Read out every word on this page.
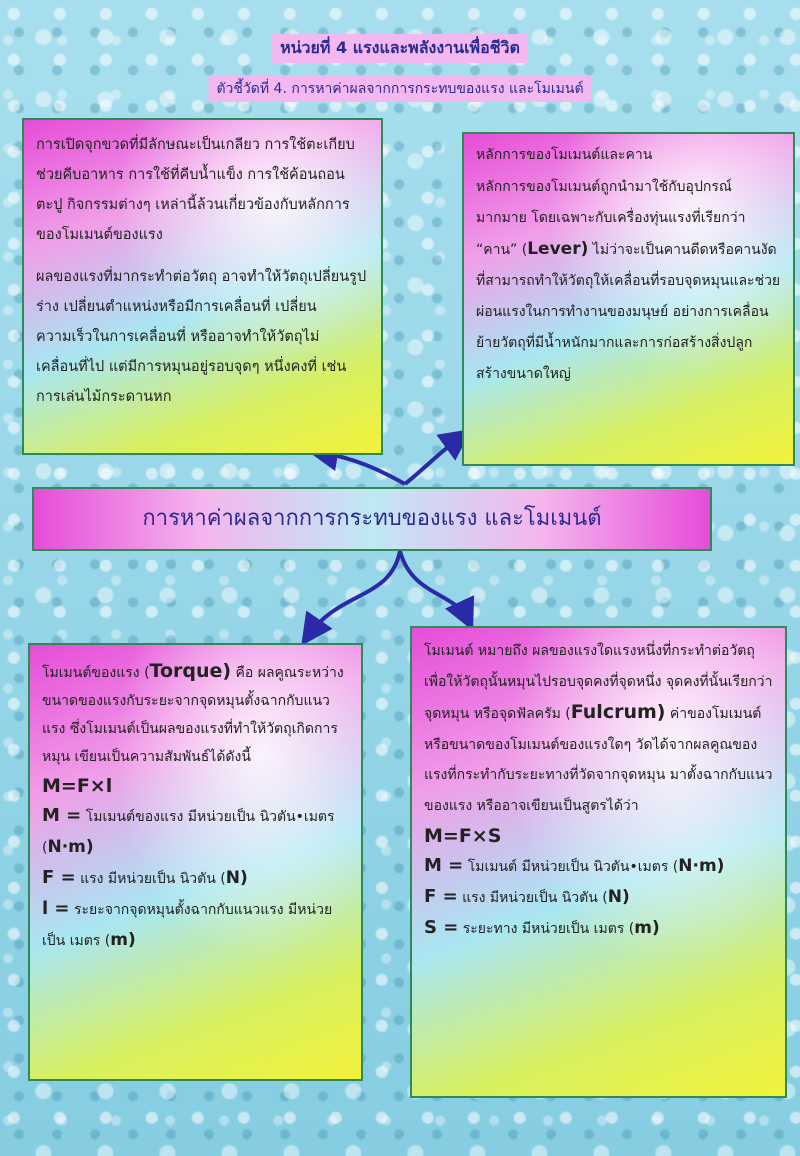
หน่วยที่ 4 แรงและพลังงานเพื่อชีวิต
ตัวชี้วัดที่ 4. การหาค่าผลจากการกระทบของแรง และโมเมนต์

การเปิดจุกขวดที่มีลักษณะเป็นเกลียว การใช้ตะเกียบช่วยคีบอาหาร การใช้ที่คีบน้ำแข็ง การใช้ค้อนถอนตะปู กิจกรรมต่างๆ เหล่านี้ล้วนเกี่ยวข้องกับหลักการของโมเมนต์ของแรง

ผลของแรงที่มากระทำต่อวัตถุ อาจทำให้วัตถุเปลี่ยนรูปร่าง เปลี่ยนตำแหน่งหรือมีการเคลื่อนที่ เปลี่ยนความเร็วในการเคลื่อนที่ หรืออาจทำให้วัตถุไม่เคลื่อนที่ไป แต่มีการหมุนอยู่รอบจุดๆ หนึ่งคงที่ เช่น การเล่นไม้กระดานหก

หลักการของโมเมนต์และคาน

หลักการของโมเมนต์ถูกนำมาใช้กับอุปกรณ์มากมาย โดยเฉพาะกับเครื่องทุ่นแรงที่เรียกว่า “คาน” (Lever) ไม่ว่าจะเป็นคานดีดหรือคานงัดที่สามารถทำให้วัตถุให้เคลื่อนที่รอบจุดหมุนและช่วยผ่อนแรงในการทำงานของมนุษย์ อย่างการเคลื่อนย้ายวัตถุที่มีน้ำหนักมากและการก่อสร้างสิ่งปลูกสร้างขนาดใหญ่

การหาค่าผลจากการกระทบของแรง และโมเมนต์

โมเมนต์ของแรง (Torque) คือ ผลคูณระหว่างขนาดของแรงกับระยะจากจุดหมุนตั้งฉากกับแนวแรง ซึ่งโมเมนต์เป็นผลของแรงที่ทำให้วัตถุเกิดการหมุน เขียนเป็นความสัมพันธ์ได้ดังนี้

M=F×l

M = โมเมนต์ของแรง มีหน่วยเป็น นิวตัน•เมตร (N·m)

F = แรง มีหน่วยเป็น นิวตัน (N)

l = ระยะจากจุดหมุนตั้งฉากกับแนวแรง มีหน่วยเป็น เมตร (m)

โมเมนต์ หมายถึง ผลของแรงใดแรงหนึ่งที่กระทำต่อวัตถุ เพื่อให้วัตถุนั้นหมุนไปรอบจุดคงที่จุดหนึ่ง จุดคงที่นั้นเรียกว่า จุดหมุน หรือจุดฟัลครัม (Fulcrum) ค่าของโมเมนต์ หรือขนาดของโมเมนต์ของแรงใดๆ วัดได้จากผลคูณของแรงที่กระทำกับระยะทางที่วัดจากจุดหมุน มาตั้งฉากกับแนวของแรง หรืออาจเขียนเป็นสูตรได้ว่า

M=F×S

M = โมเมนต์ มีหน่วยเป็น นิวตัน•เมตร (N·m)

F = แรง มีหน่วยเป็น นิวตัน (N)

S = ระยะทาง มีหน่วยเป็น เมตร (m)
